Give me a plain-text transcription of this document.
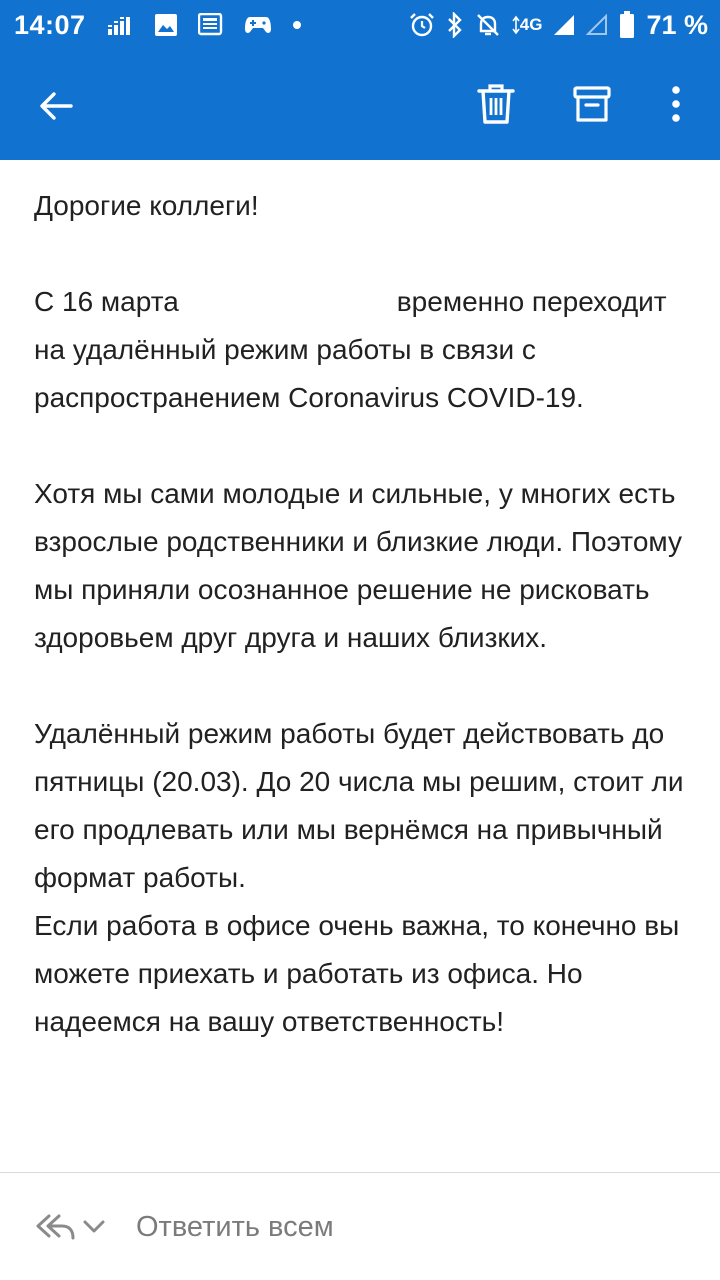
14:07	4G	71 %

Дорогие коллеги!

С 16 марта	временно переходит на удалённый режим работы в связи с распространением Coronavirus COVID-19.

Хотя мы сами молодые и сильные, у многих есть взрослые родственники и близкие люди. Поэтому мы приняли осознанное решение не рисковать здоровьем друг друга и наших близких.

Удалённый режим работы будет действовать до пятницы (20.03). До 20 числа мы решим, стоит ли его продлевать или мы вернёмся на привычный формат работы.

Если работа в офисе очень важна, то конечно вы можете приехать и работать из офиса. Но надеемся на вашу ответственность!

Ответить всем
